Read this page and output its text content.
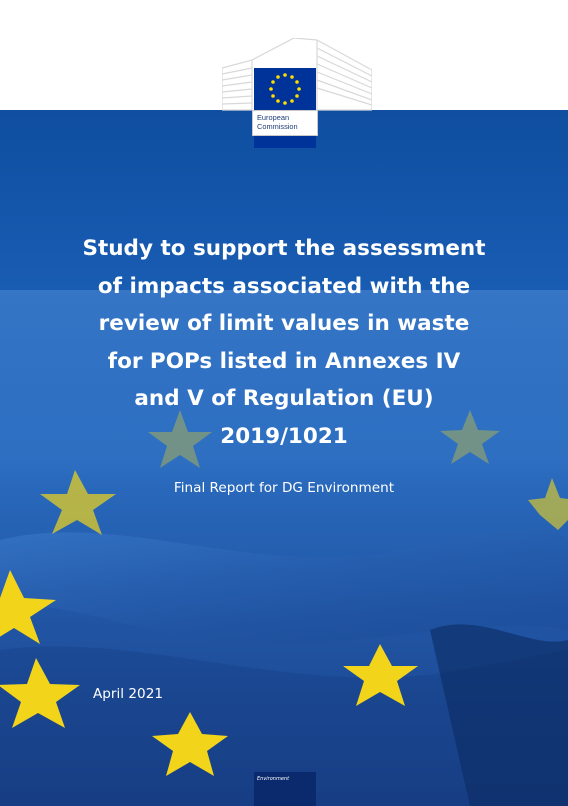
European
Commission
Study to support the assessment
of impacts associated with the
review of limit values in waste
for POPs listed in Annexes IV
and V of Regulation (EU)
2019/1021
Final Report for DG Environment
April 2021
Environment
